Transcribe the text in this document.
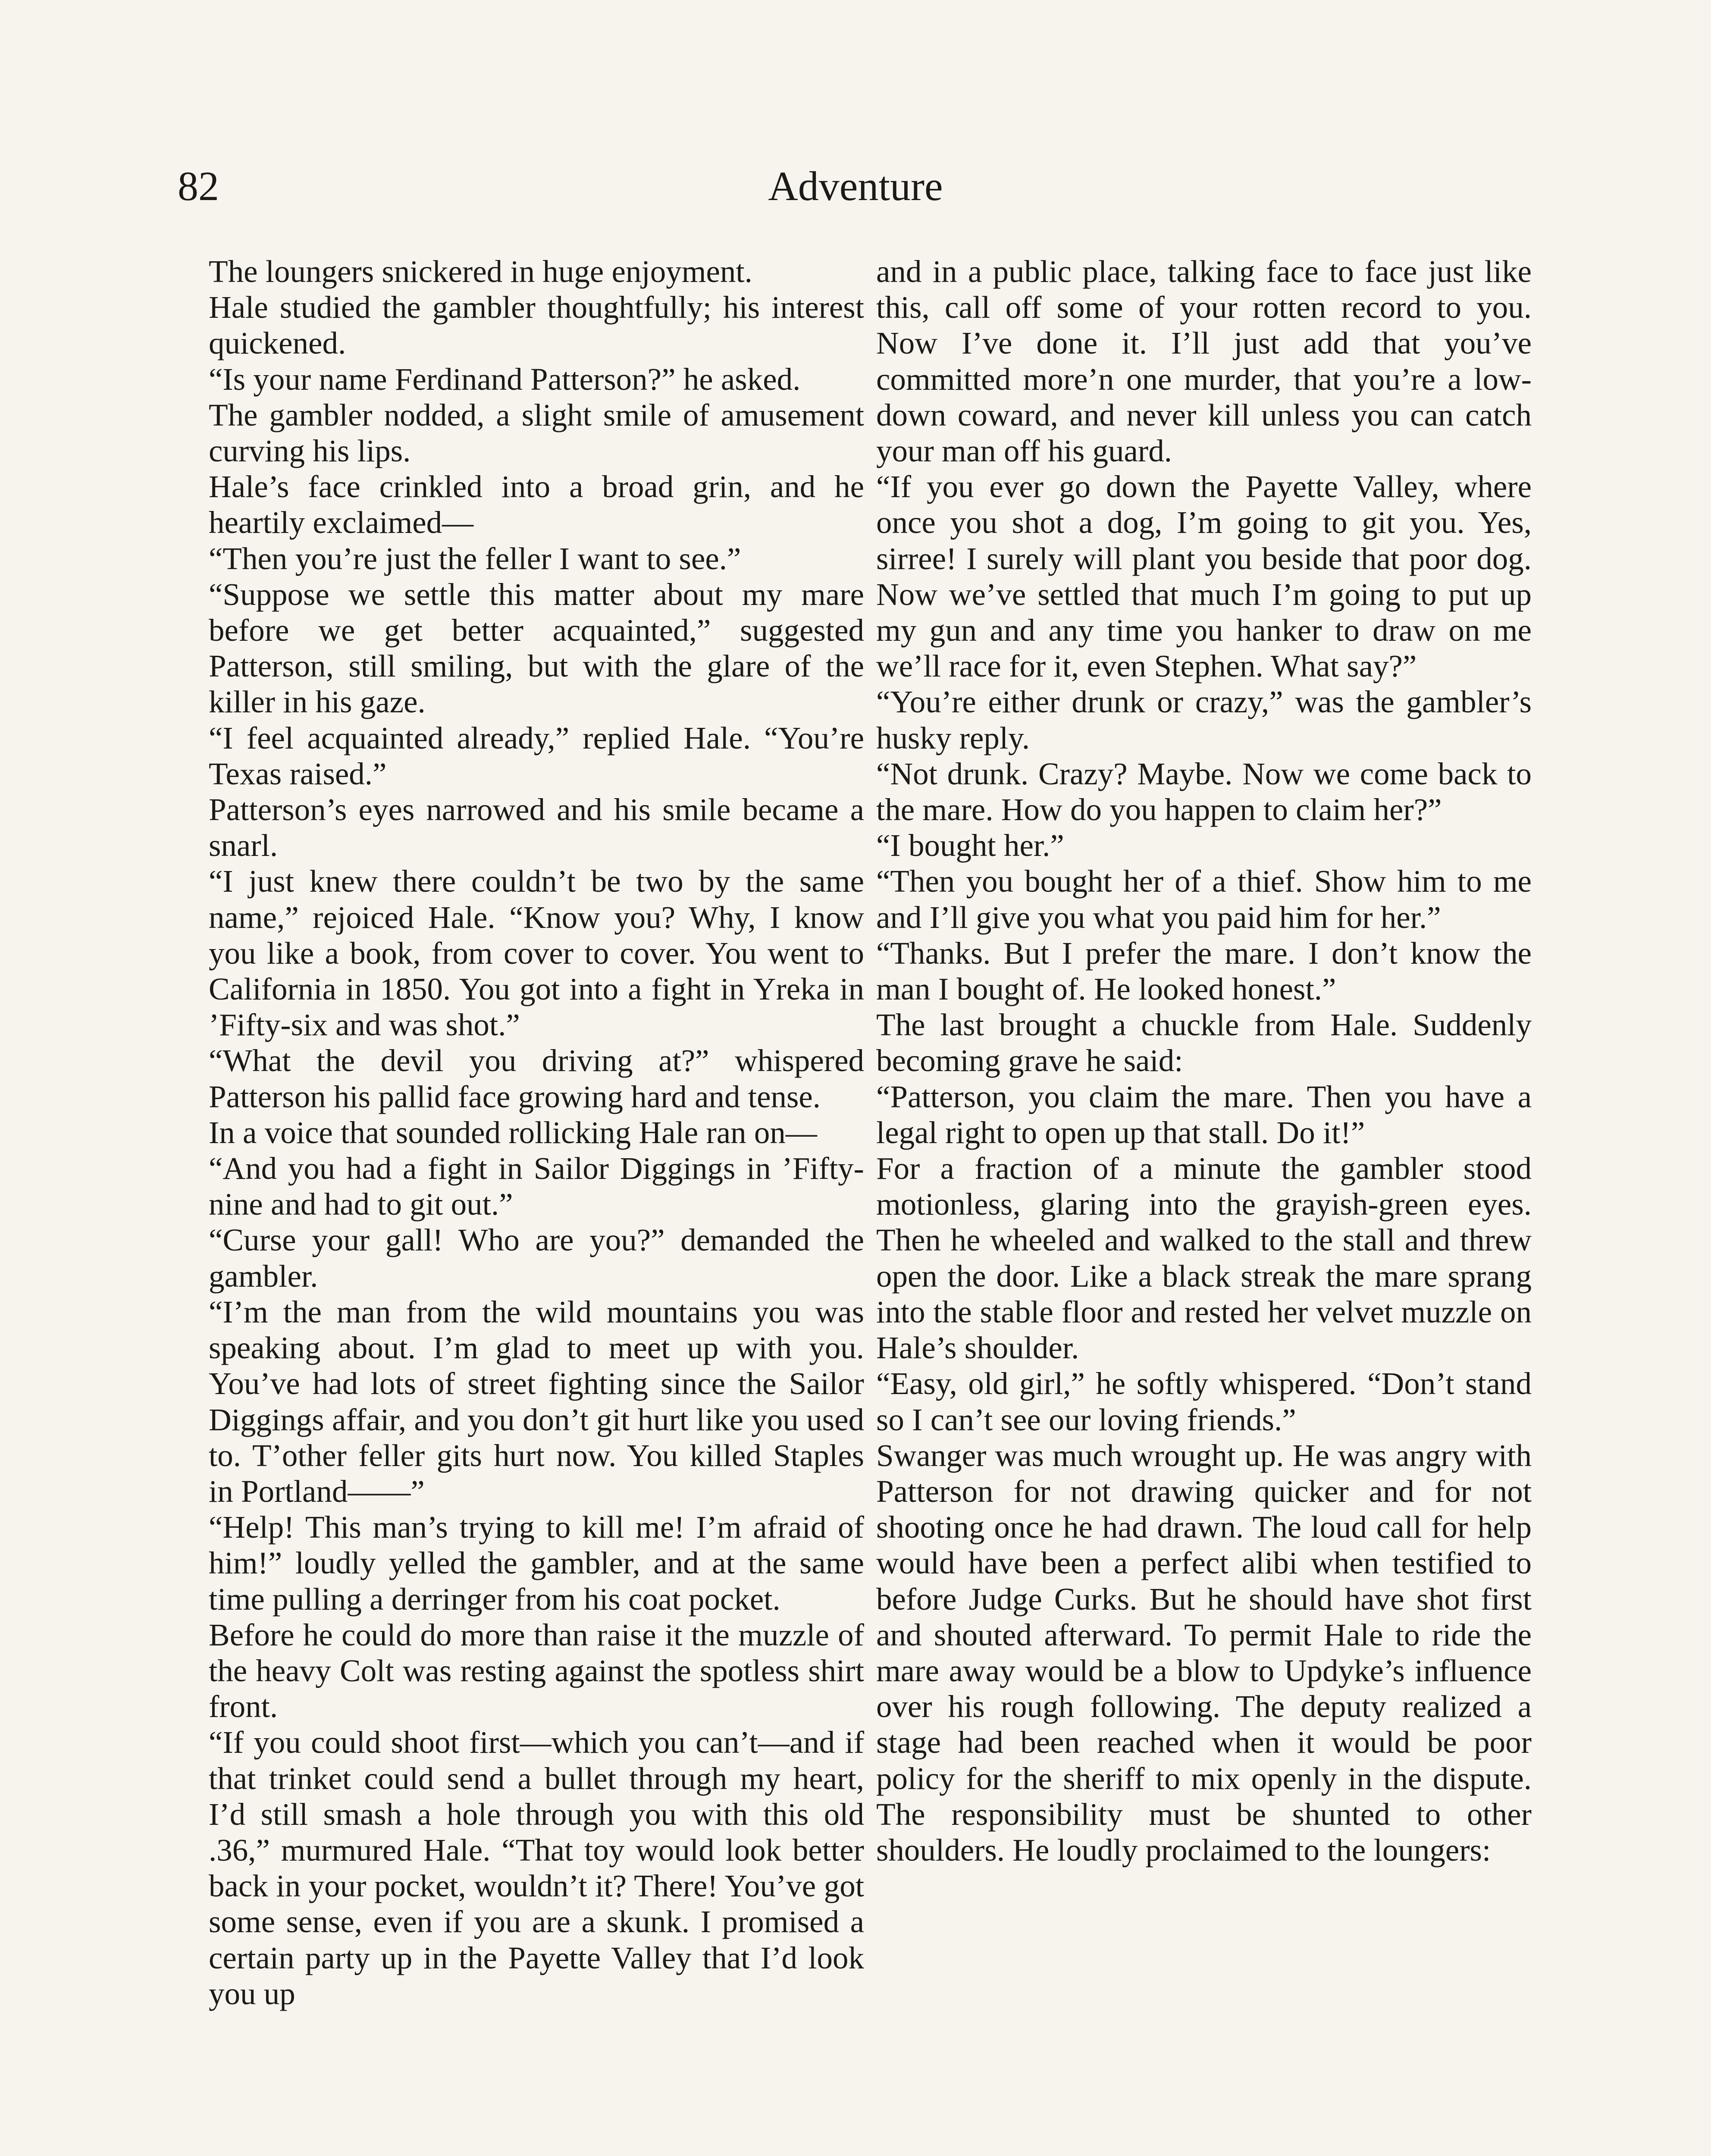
82	Adventure

The loungers snickered in huge enjoyment.

Hale studied the gambler thoughtfully; his interest quickened.

“Is your name Ferdinand Patterson?” he asked.

The gambler nodded, a slight smile of amusement curving his lips.

Hale’s face crinkled into a broad grin, and he heartily exclaimed—

“Then you’re just the feller I want to see.”

“Suppose we settle this matter about my mare before we get better acquainted,” suggested Patterson, still smiling, but with the glare of the killer in his gaze.

“I feel acquainted already,” replied Hale. “You’re Texas raised.”

Patterson’s eyes narrowed and his smile became a snarl.

“I just knew there couldn’t be two by the same name,” rejoiced Hale. “Know you? Why, I know you like a book, from cover to cover. You went to California in 1850. You got into a fight in Yreka in ’Fifty-six and was shot.”

“What the devil you driving at?” whispered Patterson his pallid face growing hard and tense.

In a voice that sounded rollicking Hale ran on—

“And you had a fight in Sailor Diggings in ’Fifty-nine and had to git out.”

“Curse your gall! Who are you?” demanded the gambler.

“I’m the man from the wild mountains you was speaking about. I’m glad to meet up with you. You’ve had lots of street fighting since the Sailor Diggings affair, and you don’t git hurt like you used to. T’other feller gits hurt now. You killed Staples in Portland——”

“Help! This man’s trying to kill me! I’m afraid of him!” loudly yelled the gambler, and at the same time pulling a derringer from his coat pocket.

Before he could do more than raise it the muzzle of the heavy Colt was resting against the spotless shirt front.

“If you could shoot first—which you can’t—and if that trinket could send a bullet through my heart, I’d still smash a hole through you with this old .36,” murmured Hale. “That toy would look better back in your pocket, wouldn’t it? There! You’ve got some sense, even if you are a skunk. I promised a certain party up in the Payette Valley that I’d look you up

and in a public place, talking face to face just like this, call off some of your rotten record to you. Now I’ve done it. I’ll just add that you’ve committed more’n one murder, that you’re a low-down coward, and never kill unless you can catch your man off his guard.

“If you ever go down the Payette Valley, where once you shot a dog, I’m going to git you. Yes, sirree! I surely will plant you beside that poor dog. Now we’ve settled that much I’m going to put up my gun and any time you hanker to draw on me we’ll race for it, even Stephen. What say?”

“You’re either drunk or crazy,” was the gambler’s husky reply.

“Not drunk. Crazy? Maybe. Now we come back to the mare. How do you happen to claim her?”

“I bought her.”

“Then you bought her of a thief. Show him to me and I’ll give you what you paid him for her.”

“Thanks. But I prefer the mare. I don’t know the man I bought of. He looked honest.”

The last brought a chuckle from Hale. Suddenly becoming grave he said:

“Patterson, you claim the mare. Then you have a legal right to open up that stall. Do it!”

For a fraction of a minute the gambler stood motionless, glaring into the grayish-green eyes. Then he wheeled and walked to the stall and threw open the door. Like a black streak the mare sprang into the stable floor and rested her velvet muzzle on Hale’s shoulder.

“Easy, old girl,” he softly whispered. “Don’t stand so I can’t see our loving friends.”

Swanger was much wrought up. He was angry with Patterson for not drawing quicker and for not shooting once he had drawn. The loud call for help would have been a perfect alibi when testified to before Judge Curks. But he should have shot first and shouted afterward. To permit Hale to ride the mare away would be a blow to Updyke’s influence over his rough following. The deputy realized a stage had been reached when it would be poor policy for the sheriff to mix openly in the dispute. The responsibility must be shunted to other shoulders. He loudly proclaimed to the loungers:
